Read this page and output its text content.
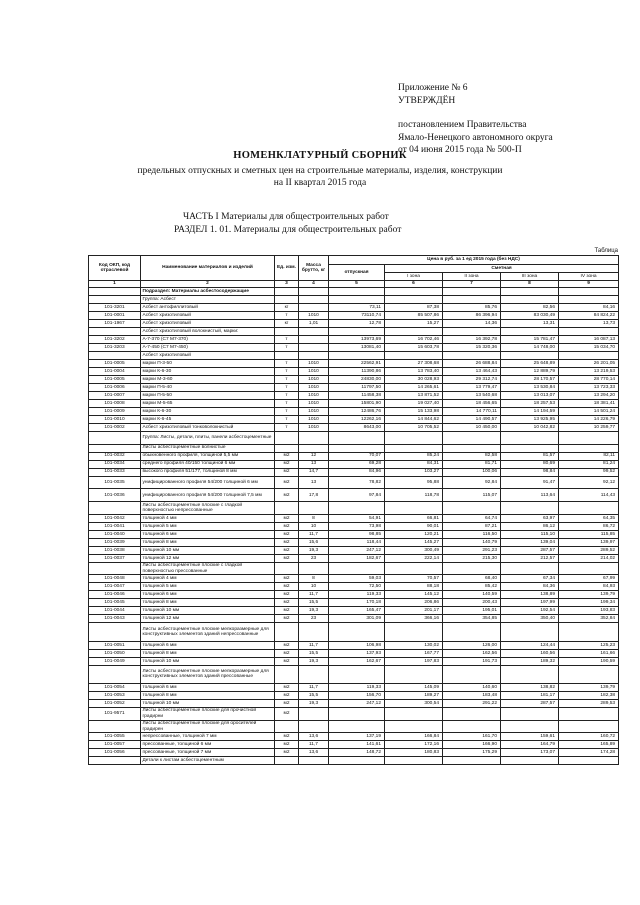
Приложение № 6
УТВЕРЖДЁН
постановлением Правительства
Ямало-Ненецкого автономного округа
от 04 июня 2015 года № 500-П
НОМЕНКЛАТУРНЫЙ СБОРНИК
предельных отпускных и сметных цен на строительные материалы, изделия, конструкции
на II квартал 2015 года
ЧАСТЬ I Материалы для общестроительных работ
РАЗДЕЛ 1. 01. Материалы для общестроительных работ
Таблица
Код ОКП, код отраслевой	Наименование материалов и изделий	Ед. изм.	Масса брутто, кг	Цена в руб. за 1 ед 2015 года (без НДС)				
				отпускная	Сметная			
					I зона	II зона	III зона	IV зона
1	2	3	4	5	6	7	8	9
	Подраздел: Материалы асбестосодержащие							
	Группа: Асбест							
101-3201	Асбест антофиллитовый	кг		73,11	87,38	85,76	82,56	84,16
101-0001	Асбест хризотиловый	т	1010	73110,74	85 507,86	86 396,94	83 030,49	84 824,22
101-1967	Асбест хризотиловый	кг	1,01	12,78	15,27	14,36	13,31	13,73
	Асбест хризотиловый волокнистый, марки:							
101-3202	А-7-370 (С7 М7-370)	т		13973,69	16 702,46	16 392,78	15 781,47	16 087,13
101-3203	А-7-450 (С7 М7-450)	т		13081,40	15 603,78	15 320,36	14 748,00	15 034,70
	Асбест хризотиловый							
101-0005	марки П-3-50	т	1010	22562,91	27 308,68	26 688,84	25 648,89	26 201,05
101-0004	марки К-6-30	т	1010	11390,86	13 783,40	13 464,43	12 889,79	13 219,53
101-0005	марки М-3-60	т	1010	24830,00	30 028,93	29 312,74	28 170,57	28 770,14
101-0006	марки П-5-40	т	1010	11797,50	14 265,61	13 779,47	13 530,84	13 723,33
101-0007	марки П-5-50	т	1010	11458,38	13 871,52	13 540,68	13 013,07	13 294,20
101-0008	марки М-5-65	т	1010	15801,90	19 027,40	18 456,65	18 257,53	18 381,41
101-0009	марки К-6-30	т	1010	12486,76	15 133,98	14 770,11	14 194,59	14 501,24
101-0010	марки К-6-45	т	1010	12262,16	14 844,62	14 490,57	13 925,95	14 226,79
101-0002	Асбест хризотиловый тонковолокнистый	т	1010	8643,00	10 705,52	10 450,00	10 042,82	10 259,77
	Группа: Листы, детали, плиты, панели асбестоцементные							
	Листы асбестоцементные волнистые							
101-0032	обыкновенного профиля, толщиной 5,5 мм	м2	12	70,07	85,24	82,58	81,57	82,11
101-0034	среднего профиля 40/150 толщиной 6 мм	м2	13	69,28	84,31	81,71	80,69	81,24
101-0033	высокого профиля 51/177, толщиной 8 мм	м2	14,7	84,96	103,27	100,06	98,84	99,52
101-0035	унифицированного профиля 54/200 толщиной 6 мм	м2	13	78,82	95,88	92,84	91,47	92,12
101-0036	унифицированного профиля 54/200 толщиной 7,5 мм	м2	17,8	97,84	118,78	115,07	113,64	114,43
	Листы асбестоцементные плоские с гладкой поверхностью непрессованные							
101-0042	толщиной 4 мм	м2	8	54,91	66,81	64,74	63,97	64,35
101-0041	толщиной 5 мм	м2	10	73,98	90,01	87,21	86,12	86,72
101-0040	толщиной 6 мм	м2	11,7	98,85	120,21	116,50	115,10	115,85
101-0039	толщиной 8 мм	м2	15,6	118,44	145,27	140,79	139,04	139,97
101-0038	толщиной 10 мм	м2	19,3	247,12	300,49	291,23	287,57	289,52
101-0037	толщиной 12 мм	м2	23	182,67	222,14	215,30	212,57	214,02
	Листы асбестоцементные плоские с гладкой поверхностью прессованные							
101-0048	толщиной 4 мм	м2	8	59,03	70,57	68,40	67,34	67,99
101-0047	толщиной 5 мм	м2	10	72,50	88,18	85,42	84,36	84,93
101-0046	толщиной 6 мм	м2	11,7	119,33	145,12	140,59	138,89	139,79
101-0045	толщиной 8 мм	м2	15,5	170,18	206,86	200,43	197,99	199,34
101-0044	толщиной 10 мм	м2	19,3	165,47	201,17	195,01	192,54	193,83
101-0043	толщиной 12 мм	м2	23	301,09	366,16	354,85	350,40	352,84
	Листы асбестоцементные плоские мелкоразмерные для конструктивных элементов зданий непрессованные							
101-0051	толщиной 6 мм	м2	11,7	106,98	130,02	126,00	124,44	125,23
101-0050	толщиной 8 мм	м2	15,5	137,93	167,77	162,56	160,56	161,66
101-0049	толщиной 10 мм	м2	19,3	162,67	197,83	191,73	189,32	190,59
	Листы асбестоцементные плоские мелкоразмерные для конструктивных элементов зданий прессованные							
101-0054	толщиной 6 мм	м2	11,7	119,33	145,09	140,60	138,82	139,79
101-0053	толщиной 8 мм	м2	15,5	156,70	189,27	183,48	181,17	182,38
101-0052	толщиной 10 мм	м2	19,3	247,12	300,54	291,22	287,57	289,53
101-9571	Листы асбестоцементные плоские для прочистной градирни	м2						
	Листы асбестоцементные плоские для оросителей градирен							
101-0055	непрессованные, толщиной 7 мм	м2	13,6	137,19	166,84	161,70	159,61	160,72
101-0057	прессованные, толщиной 6 мм	м2	11,7	141,61	172,16	166,90	164,79	165,89
101-0056	прессованные, толщиной 7 мм	м2	13,6	148,72	180,83	175,29	173,07	174,28
	Детали к листам асбестоцементным							
